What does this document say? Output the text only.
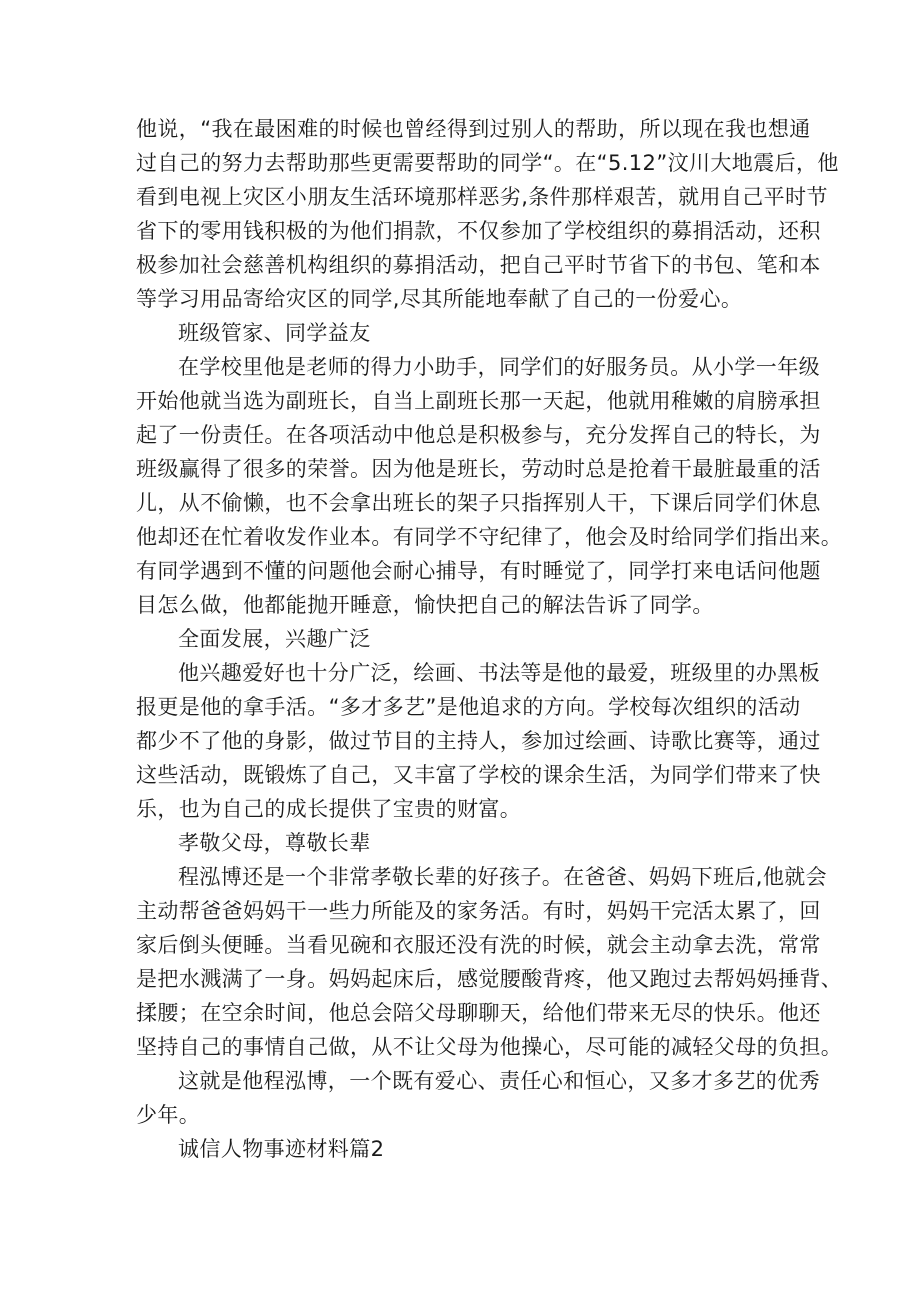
他说，“我在最困难的时候也曾经得到过别人的帮助，所以现在我也想通
过自己的努力去帮助那些更需要帮助的同学“。在“5.12”汶川大地震后，他
看到电视上灾区小朋友生活环境那样恶劣,条件那样艰苦，就用自己平时节
省下的零用钱积极的为他们捐款，不仅参加了学校组织的募捐活动，还积
极参加社会慈善机构组织的募捐活动，把自己平时节省下的书包、笔和本
等学习用品寄给灾区的同学,尽其所能地奉献了自己的一份爱心。
班级管家、同学益友
在学校里他是老师的得力小助手，同学们的好服务员。从小学一年级
开始他就当选为副班长，自当上副班长那一天起，他就用稚嫩的肩膀承担
起了一份责任。在各项活动中他总是积极参与，充分发挥自己的特长，为
班级赢得了很多的荣誉。因为他是班长，劳动时总是抢着干最脏最重的活
儿，从不偷懒，也不会拿出班长的架子只指挥别人干，下课后同学们休息
他却还在忙着收发作业本。有同学不守纪律了，他会及时给同学们指出来。
有同学遇到不懂的问题他会耐心捕导，有时睡觉了，同学打来电话问他题
目怎么做，他都能抛开睡意，愉快把自己的解法告诉了同学。
全面发展，兴趣广泛
他兴趣爱好也十分广泛，绘画、书法等是他的最爱，班级里的办黑板
报更是他的拿手活。“多才多艺”是他追求的方向。学校每次组织的活动
都少不了他的身影，做过节目的主持人，参加过绘画、诗歌比赛等，通过
这些活动，既锻炼了自己，又丰富了学校的课余生活，为同学们带来了快
乐，也为自己的成长提供了宝贵的财富。
孝敬父母，尊敬长辈
程泓博还是一个非常孝敬长辈的好孩子。在爸爸、妈妈下班后,他就会
主动帮爸爸妈妈干一些力所能及的家务活。有时，妈妈干完活太累了，回
家后倒头便睡。当看见碗和衣服还没有洗的时候，就会主动拿去洗，常常
是把水溅满了一身。妈妈起床后，感觉腰酸背疼，他又跑过去帮妈妈捶背、
揉腰；在空余时间，他总会陪父母聊聊天，给他们带来无尽的快乐。他还
坚持自己的事情自己做，从不让父母为他操心，尽可能的减轻父母的负担。
这就是他程泓博，一个既有爱心、责任心和恒心，又多才多艺的优秀
少年。
诚信人物事迹材料篇2
